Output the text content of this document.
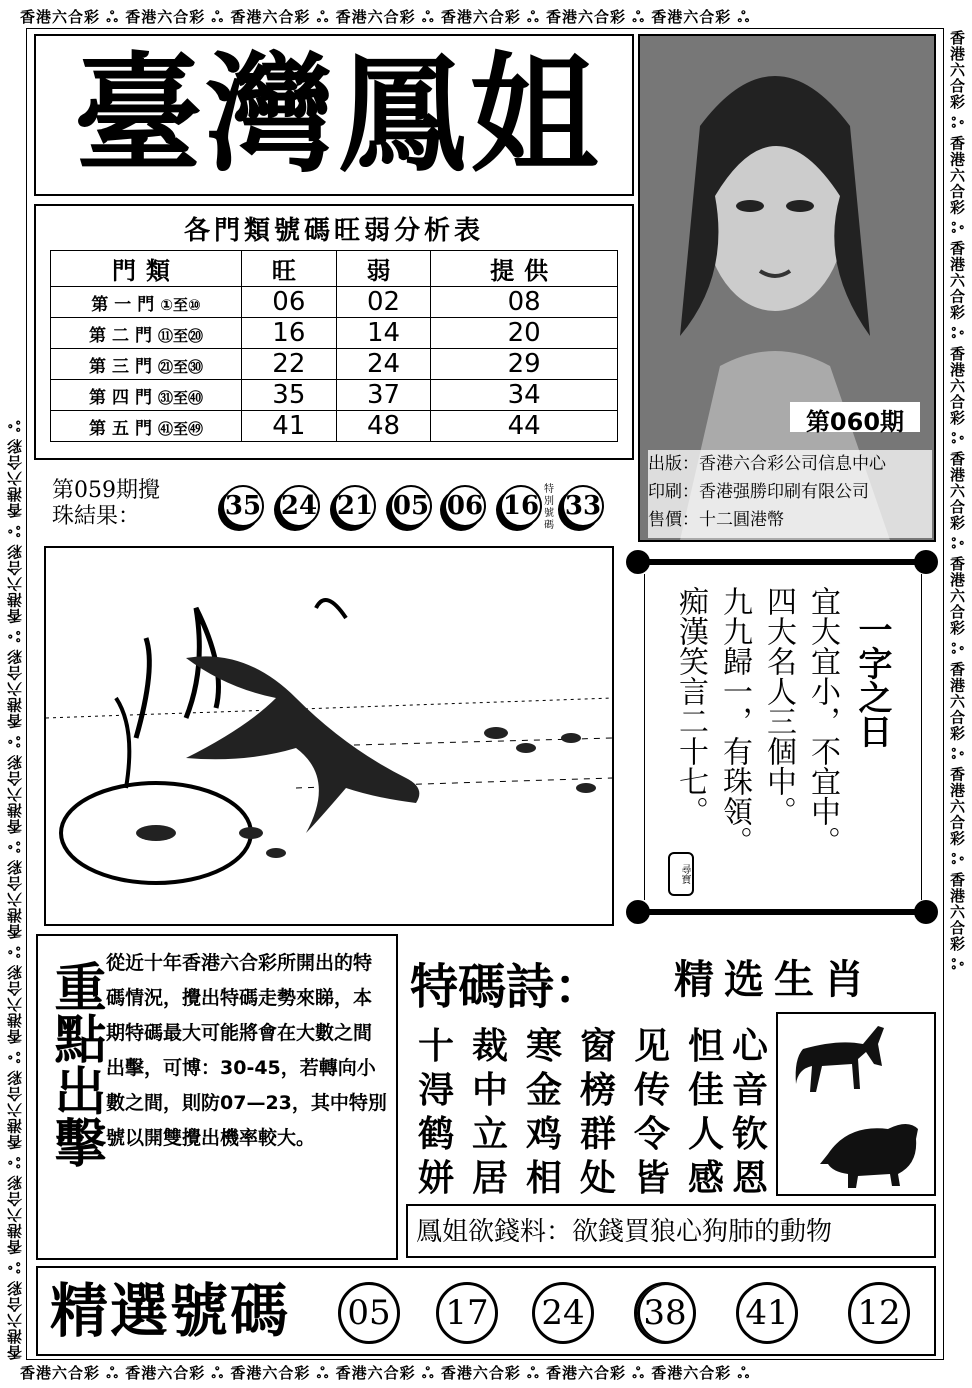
香港六合彩 ஃ 香港六合彩 ஃ 香港六合彩 ஃ 香港六合彩 ஃ 香港六合彩 ஃ 香港六合彩 ஃ 香港六合彩 ஃ
香港六合彩 ஃ 香港六合彩 ஃ 香港六合彩 ஃ 香港六合彩 ஃ 香港六合彩 ஃ 香港六合彩 ஃ 香港六合彩 ஃ
香港六合彩 ஃ 香港六合彩 ஃ 香港六合彩 ஃ 香港六合彩 ஃ 香港六合彩 ஃ 香港六合彩 ஃ 香港六合彩 ஃ 香港六合彩 ஃ 香港六合彩 ஃ	香港六合彩 ஃ 香港六合彩 ஃ 香港六合彩 ஃ 香港六合彩 ஃ 香港六合彩 ஃ 香港六合彩 ஃ 香港六合彩 ஃ 香港六合彩 ஃ 香港六合彩 ஃ
臺灣鳳姐
第060期
出版：香港六合彩公司信息中心
印刷：香港强勝印刷有限公司
售價：十二圓港幣
各門類號碼旺弱分析表
門類	旺	弱	提供
第一門①至⑩	06	02	08
第二門⑪至⑳	16	14	20
第三門㉑至㉚	22	24	29
第四門㉛至㊵	35	37	34
第五門㊶至㊾	41	48	44
第059期攪
珠結果：	35 24 21 05 06 16
特別號碼
33
一字之日
宜大宜小，不宜中。
四大名人三個中。
九九歸一，有珠領。
痴漢笑言二十七。
尋寶
重點出擊 從近十年香港六合彩所開出的特碼情況，攪出特碼走勢來睇，本期特碼最大可能將會在大數之間出擊，可博：30-45，若轉向小數之間，則防07—23，其中特別號以開雙攪出機率較大。
特碼詩： 精选生肖
十 裁 寒 窗 见 怛 心
淂 中 金 榜 传 佳 音
鹤 立 鸡 群 令 人 钦
姘 居 相 处 皆 感 恩
鳳姐欲錢料：欲錢買狼心狗肺的動物
精選號碼 05 17 24 38 41 12
